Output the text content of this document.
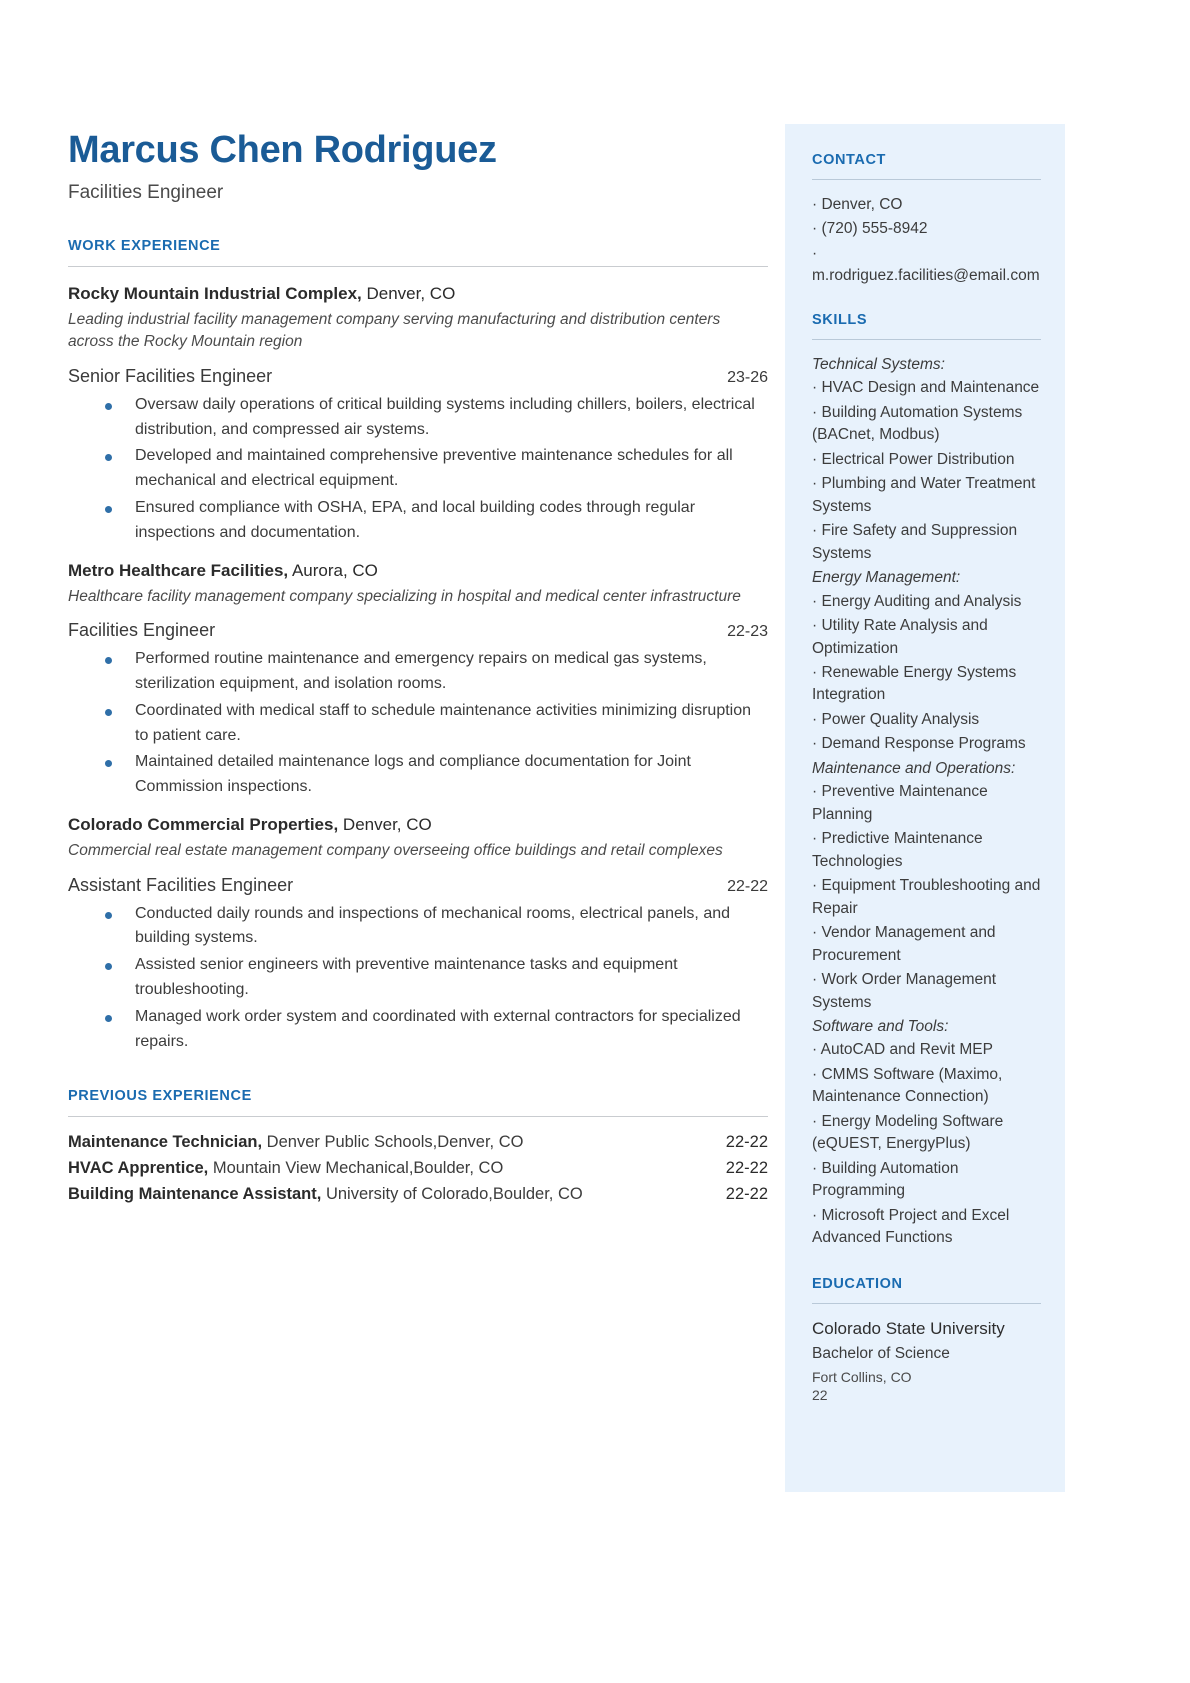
Marcus Chen Rodriguez
Facilities Engineer
WORK EXPERIENCE
Rocky Mountain Industrial Complex, Denver, CO
Leading industrial facility management company serving manufacturing and distribution centers across the Rocky Mountain region
Senior Facilities Engineer	23-26
Oversaw daily operations of critical building systems including chillers, boilers, electrical distribution, and compressed air systems.
Developed and maintained comprehensive preventive maintenance schedules for all mechanical and electrical equipment.
Ensured compliance with OSHA, EPA, and local building codes through regular inspections and documentation.
Metro Healthcare Facilities, Aurora, CO
Healthcare facility management company specializing in hospital and medical center infrastructure
Facilities Engineer	22-23
Performed routine maintenance and emergency repairs on medical gas systems, sterilization equipment, and isolation rooms.
Coordinated with medical staff to schedule maintenance activities minimizing disruption to patient care.
Maintained detailed maintenance logs and compliance documentation for Joint Commission inspections.
Colorado Commercial Properties, Denver, CO
Commercial real estate management company overseeing office buildings and retail complexes
Assistant Facilities Engineer	22-22
Conducted daily rounds and inspections of mechanical rooms, electrical panels, and building systems.
Assisted senior engineers with preventive maintenance tasks and equipment troubleshooting.
Managed work order system and coordinated with external contractors for specialized repairs.
PREVIOUS EXPERIENCE
Maintenance Technician, Denver Public Schools,Denver, CO	22-22
HVAC Apprentice, Mountain View Mechanical,Boulder, CO	22-22
Building Maintenance Assistant, University of Colorado,Boulder, CO	22-22
CONTACT
· Denver, CO
· (720) 555-8942
· m.rodriguez.facilities@email.com
SKILLS
Technical Systems:
· HVAC Design and Maintenance
· Building Automation Systems (BACnet, Modbus)
· Electrical Power Distribution
· Plumbing and Water Treatment Systems
· Fire Safety and Suppression Systems
Energy Management:
· Energy Auditing and Analysis
· Utility Rate Analysis and Optimization
· Renewable Energy Systems Integration
· Power Quality Analysis
· Demand Response Programs
Maintenance and Operations:
· Preventive Maintenance Planning
· Predictive Maintenance Technologies
· Equipment Troubleshooting and Repair
· Vendor Management and Procurement
· Work Order Management Systems
Software and Tools:
· AutoCAD and Revit MEP
· CMMS Software (Maximo, Maintenance Connection)
· Energy Modeling Software (eQUEST, EnergyPlus)
· Building Automation Programming
· Microsoft Project and Excel Advanced Functions
EDUCATION
Colorado State University
Bachelor of Science
Fort Collins, CO
22
